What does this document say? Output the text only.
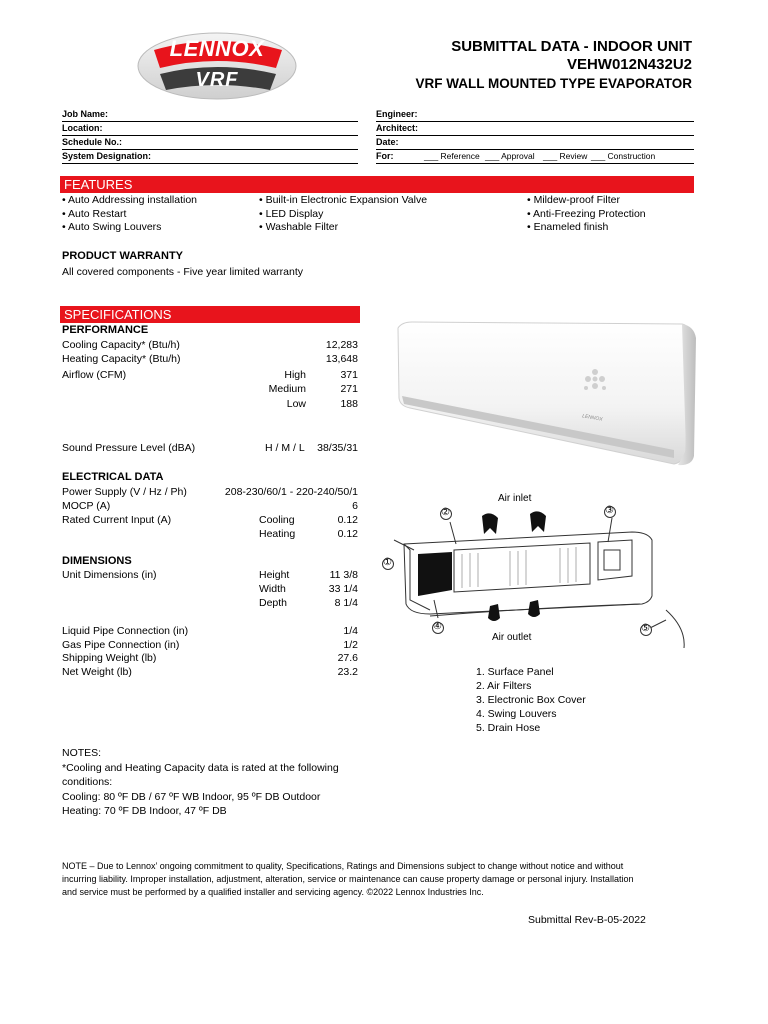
LENNOX
VRF
SUBMITTAL DATA - INDOOR UNIT
VEHW012N432U2
VRF WALL MOUNTED TYPE EVAPORATOR
Job Name:
Location:
Schedule No.:
System Designation:
Engineer:
Architect:
Date:
For:	___ Reference ___ Approval ___ Review ___ Construction
FEATURES
• Auto Addressing installation
• Auto Restart
• Auto Swing Louvers
• Built-in Electronic Expansion Valve
• LED Display
• Washable Filter
• Mildew-proof Filter
• Anti-Freezing Protection
• Enameled finish
PRODUCT WARRANTY
All covered components - Five year limited warranty
SPECIFICATIONS
PERFORMANCE
Cooling Capacity* (Btu/h)	12,283
Heating Capacity* (Btu/h)	13,648
Airflow (CFM)	High	371
Medium	271
Low	188
Sound Pressure Level (dBA)	H / M / L	38/35/31
ELECTRICAL DATA
Power Supply (V / Hz / Ph)	208-230/60/1 - 220-240/50/1
MOCP (A)	6
Rated Current Input (A)	Cooling	0.12
Heating	0.12
DIMENSIONS
Unit Dimensions (in)	Height	11 3/8
Width	33 1/4
Depth	8 1/4
Liquid Pipe Connection (in)	1/4
Gas Pipe Connection (in)	1/2
Shipping Weight (lb)	27.6
Net Weight (lb)	23.2
LENNOX
Air inlet
Air outlet
②	③
①
④	⑤
1. Surface Panel
2. Air Filters
3. Electronic Box Cover
4. Swing Louvers
5. Drain Hose
NOTES:
*Cooling and Heating Capacity data is rated at the following
conditions:
Cooling: 80 ºF DB / 67 ºF WB Indoor, 95 ºF DB Outdoor
Heating: 70 ºF DB Indoor, 47 ºF DB
NOTE – Due to Lennox’ ongoing commitment to quality, Specifications, Ratings and Dimensions subject to change without notice and without
incurring liability. Improper installation, adjustment, alteration, service or maintenance can cause property damage or personal injury. Installation
and service must be performed by a qualified installer and servicing agency. ©2022 Lennox Industries Inc.
Submittal Rev-B-05-2022
